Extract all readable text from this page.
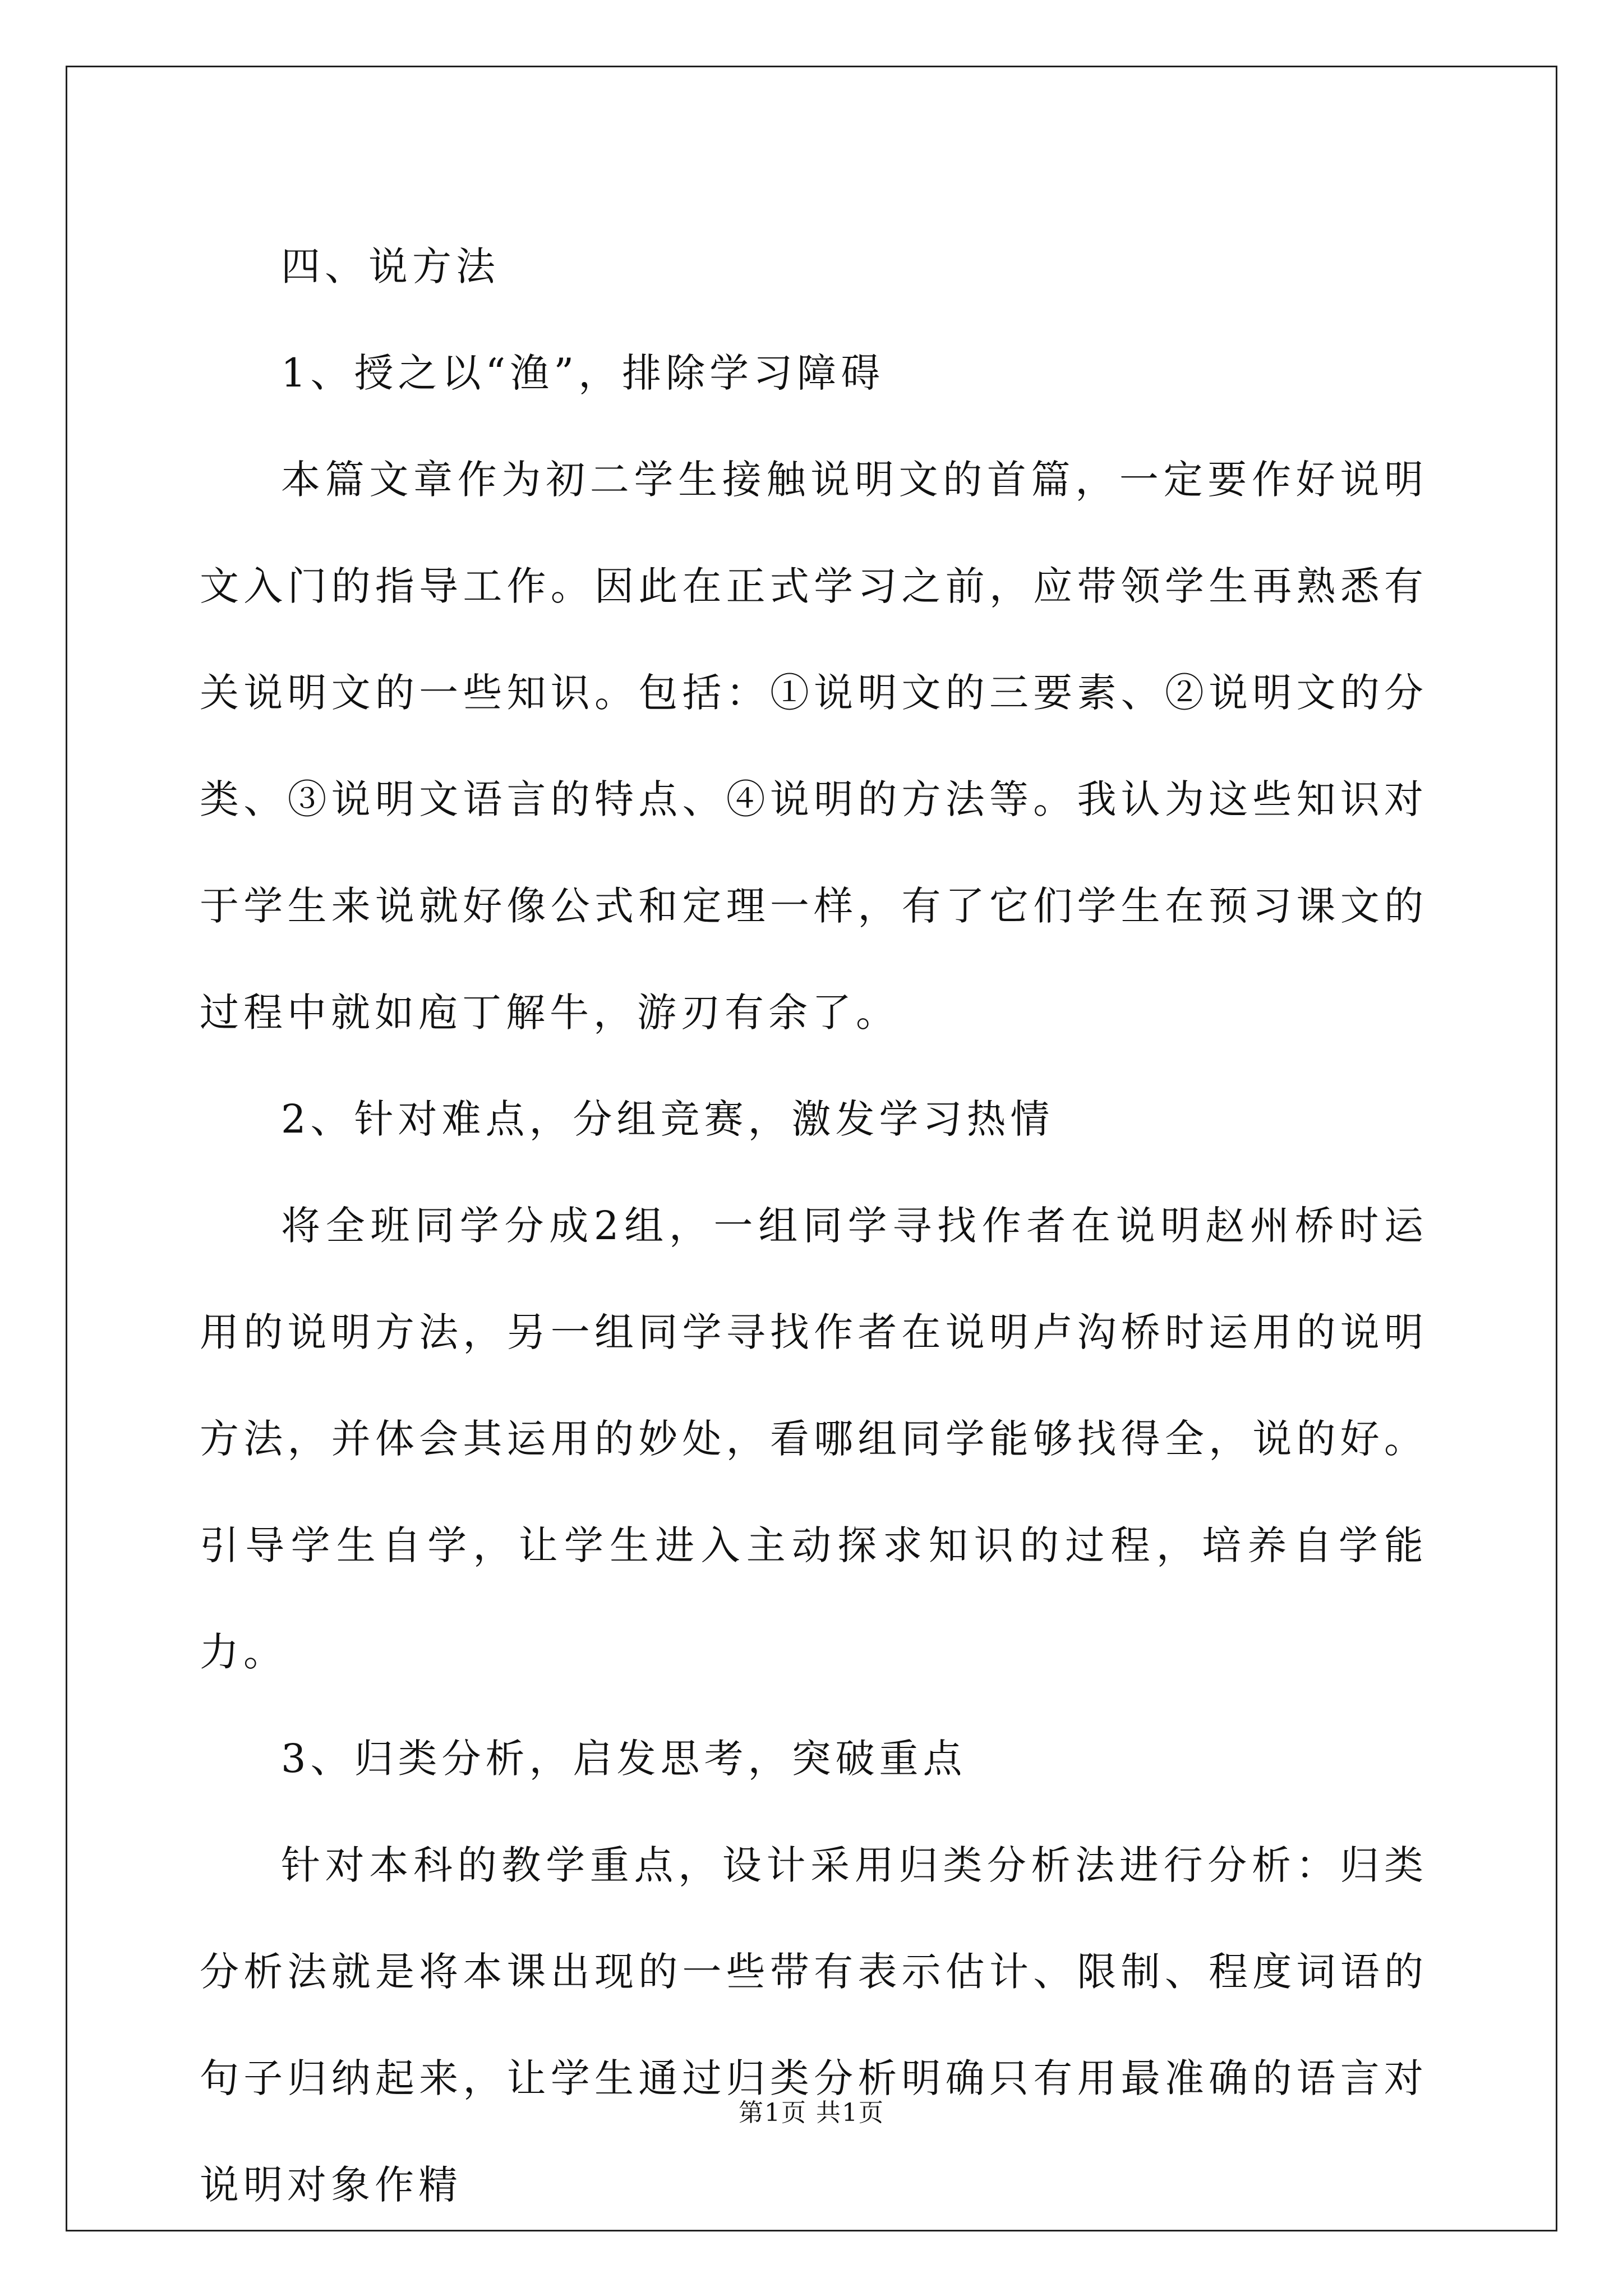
四、说方法

1、授之以“渔”，排除学习障碍

本篇文章作为初二学生接触说明文的首篇，一定要作好说明文入门的指导工作。因此在正式学习之前，应带领学生再熟悉有关说明文的一些知识。包括：①说明文的三要素、②说明文的分类、③说明文语言的特点、④说明的方法等。我认为这些知识对于学生来说就好像公式和定理一样，有了它们学生在预习课文的过程中就如庖丁解牛，游刃有余了。

2、针对难点，分组竞赛，激发学习热情

将全班同学分成2组，一组同学寻找作者在说明赵州桥时运用的说明方法，另一组同学寻找作者在说明卢沟桥时运用的说明方法，并体会其运用的妙处，看哪组同学能够找得全，说的好。引导学生自学，让学生进入主动探求知识的过程，培养自学能力。

3、归类分析，启发思考，突破重点

针对本科的教学重点，设计采用归类分析法进行分析：归类分析法就是将本课出现的一些带有表示估计、限制、程度词语的句子归纳起来，让学生通过归类分析明确只有用最准确的语言对说明对象作精

第1页 共1页
